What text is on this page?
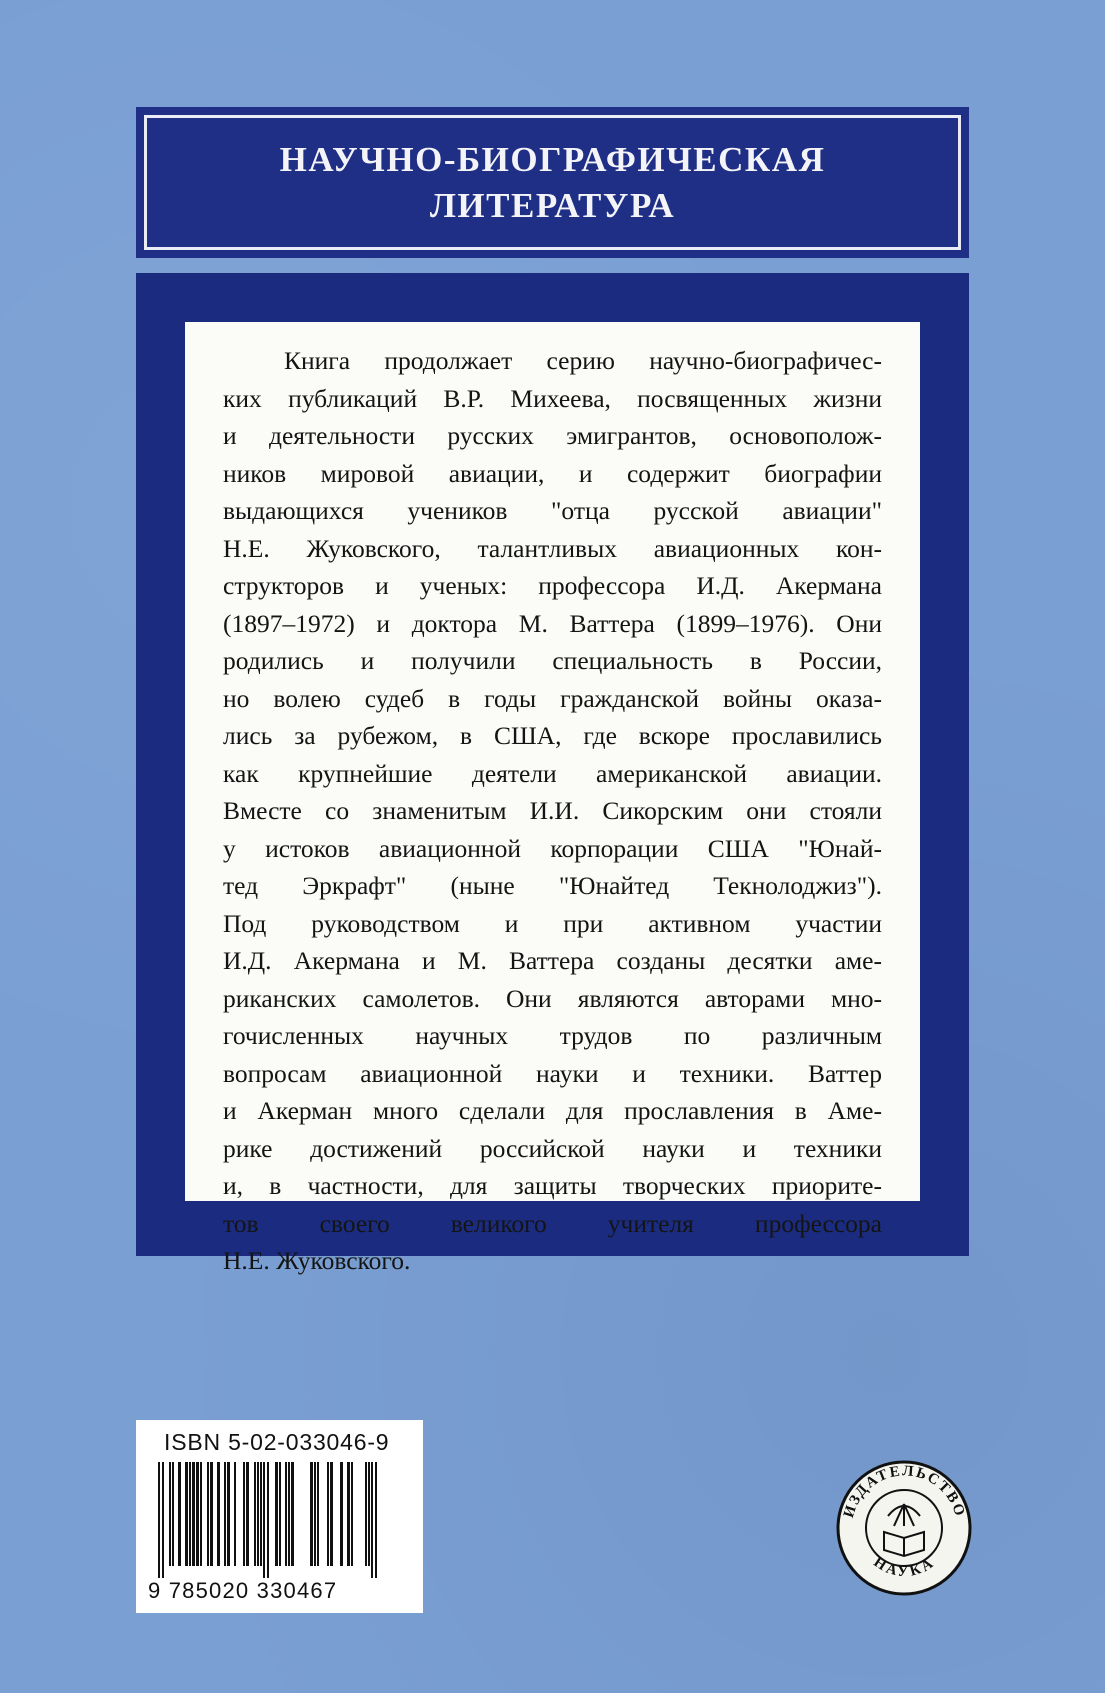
НАУЧНО-БИОГРАФИЧЕСКАЯ
ЛИТЕРАТУРА
Книга продолжает серию научно-биографичес-
ких публикаций В.Р. Михеева, посвященных жизни
и деятельности русских эмигрантов, основополож-
ников мировой авиации, и содержит биографии
выдающихся учеников "отца русской авиации"
Н.Е. Жуковского, талантливых авиационных кон-
структоров и ученых: профессора И.Д. Акермана
(1897–1972) и доктора М. Ваттера (1899–1976). Они
родились и получили специальность в России,
но волею судеб в годы гражданской войны оказа-
лись за рубежом, в США, где вскоре прославились
как крупнейшие деятели американской авиации.
Вместе со знаменитым И.И. Сикорским они стояли
у истоков авиационной корпорации США "Юнай-
тед Эркрафт" (ныне "Юнайтед Текнолоджиз").
Под руководством и при активном участии
И.Д. Акермана и М. Ваттера созданы десятки аме-
риканских самолетов. Они являются авторами мно-
гочисленных научных трудов по различным
вопросам авиационной науки и техники. Ваттер
и Акерман много сделали для прославления в Аме-
рике достижений российской науки и техники
и, в частности, для защиты творческих приорите-
тов своего великого учителя профессора
Н.Е. Жуковского.
ISBN 5-02-033046-9
9 785020 330467
ИЗДАТЕЛЬСТВО
НАУКА
